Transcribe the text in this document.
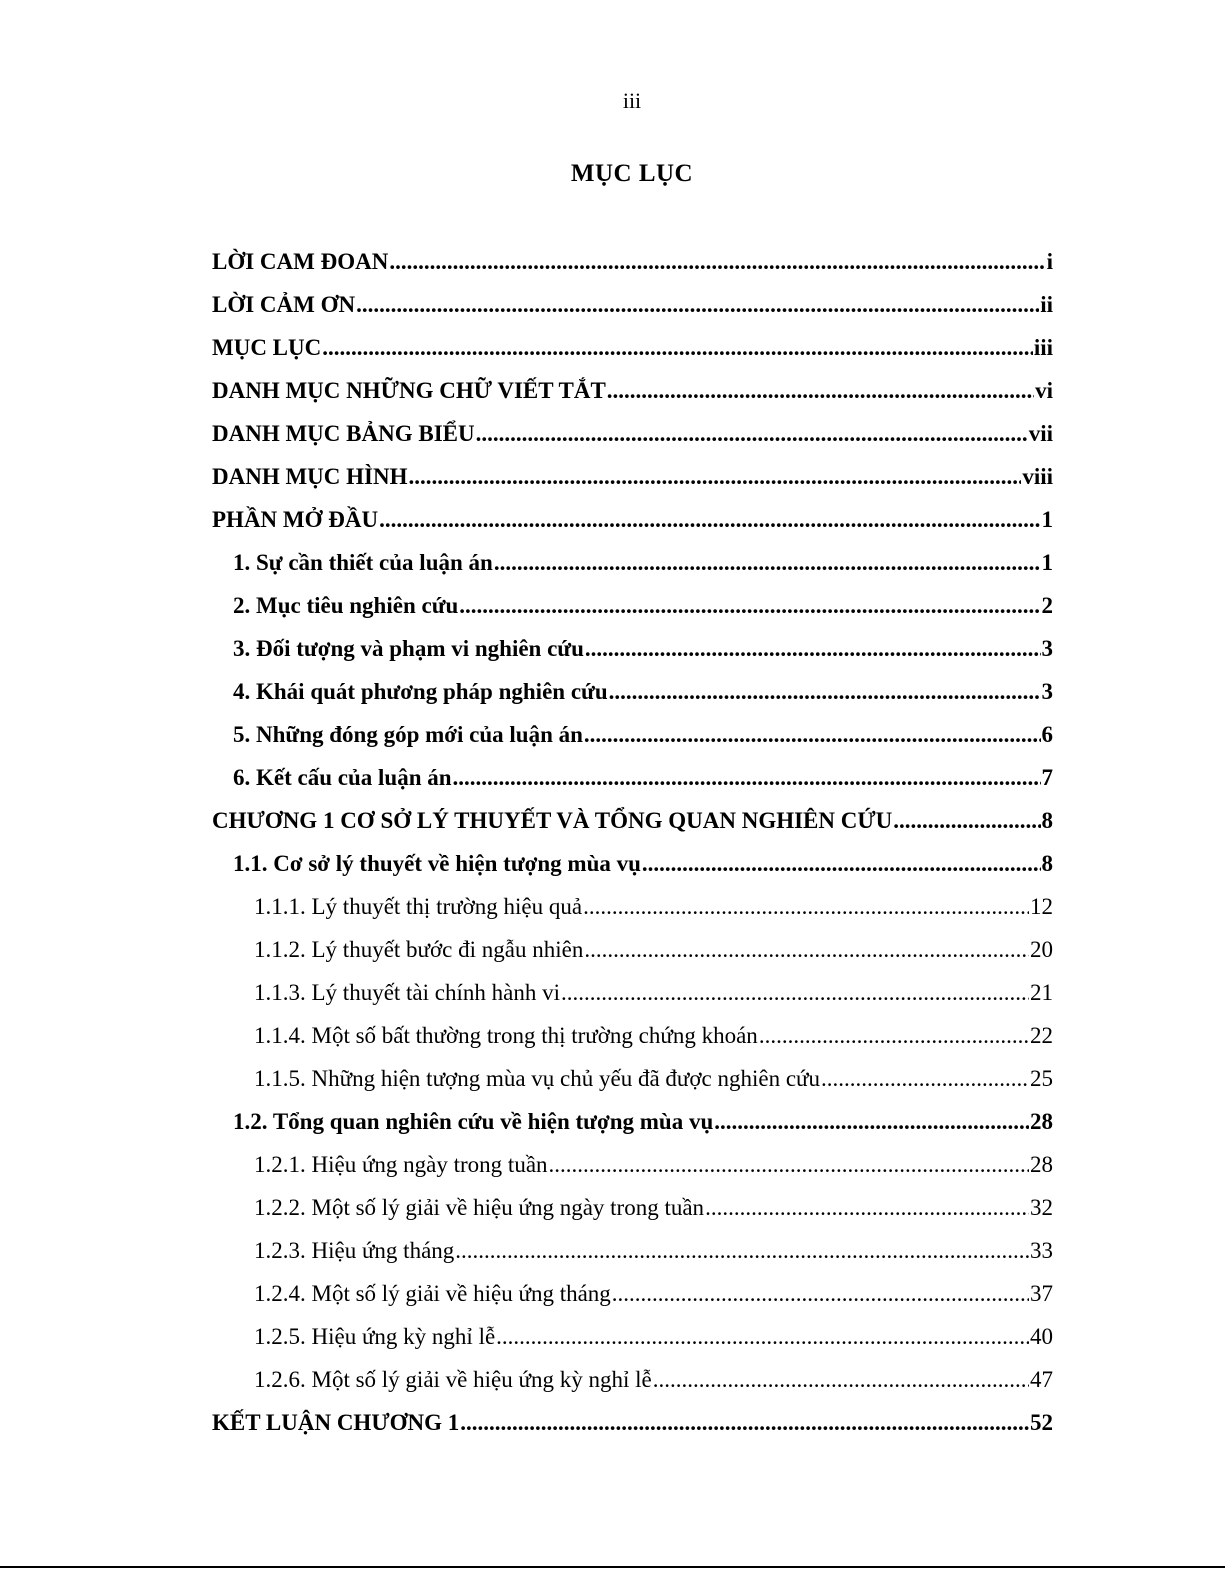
iii
MỤC LỤC
LỜI CAM ĐOAN .....	i
LỜI CẢM ƠN .....	ii
MỤC LỤC .....	iii
DANH MỤC NHỮNG CHỮ VIẾT TẮT .....	vi
DANH MỤC BẢNG BIỂU .....	vii
DANH MỤC HÌNH .....	viii
PHẦN MỞ ĐẦU .....	1
1. Sự cần thiết của luận án .....	1
2. Mục tiêu nghiên cứu .....	2
3. Đối tượng và phạm vi nghiên cứu .....	3
4. Khái quát phương pháp nghiên cứu .....	3
5. Những đóng góp mới của luận án .....	6
6. Kết cấu của luận án .....	7
CHƯƠNG 1 CƠ SỞ LÝ THUYẾT VÀ TỔNG QUAN NGHIÊN CỨU .....	8
1.1. Cơ sở lý thuyết về hiện tượng mùa vụ .....	8
1.1.1. Lý thuyết thị trường hiệu quả .....	12
1.1.2. Lý thuyết bước đi ngẫu nhiên .....	20
1.1.3. Lý thuyết tài chính hành vi .....	21
1.1.4. Một số bất thường trong thị trường chứng khoán .....	22
1.1.5. Những hiện tượng mùa vụ chủ yếu đã được nghiên cứu .....	25
1.2. Tổng quan nghiên cứu về hiện tượng mùa vụ .....	28
1.2.1. Hiệu ứng ngày trong tuần .....	28
1.2.2. Một số lý giải về hiệu ứng ngày trong tuần .....	32
1.2.3. Hiệu ứng tháng .....	33
1.2.4. Một số lý giải về hiệu ứng tháng .....	37
1.2.5. Hiệu ứng kỳ nghỉ lễ .....	40
1.2.6. Một số lý giải về hiệu ứng kỳ nghỉ lễ .....	47
KẾT LUẬN CHƯƠNG 1 .....	52
